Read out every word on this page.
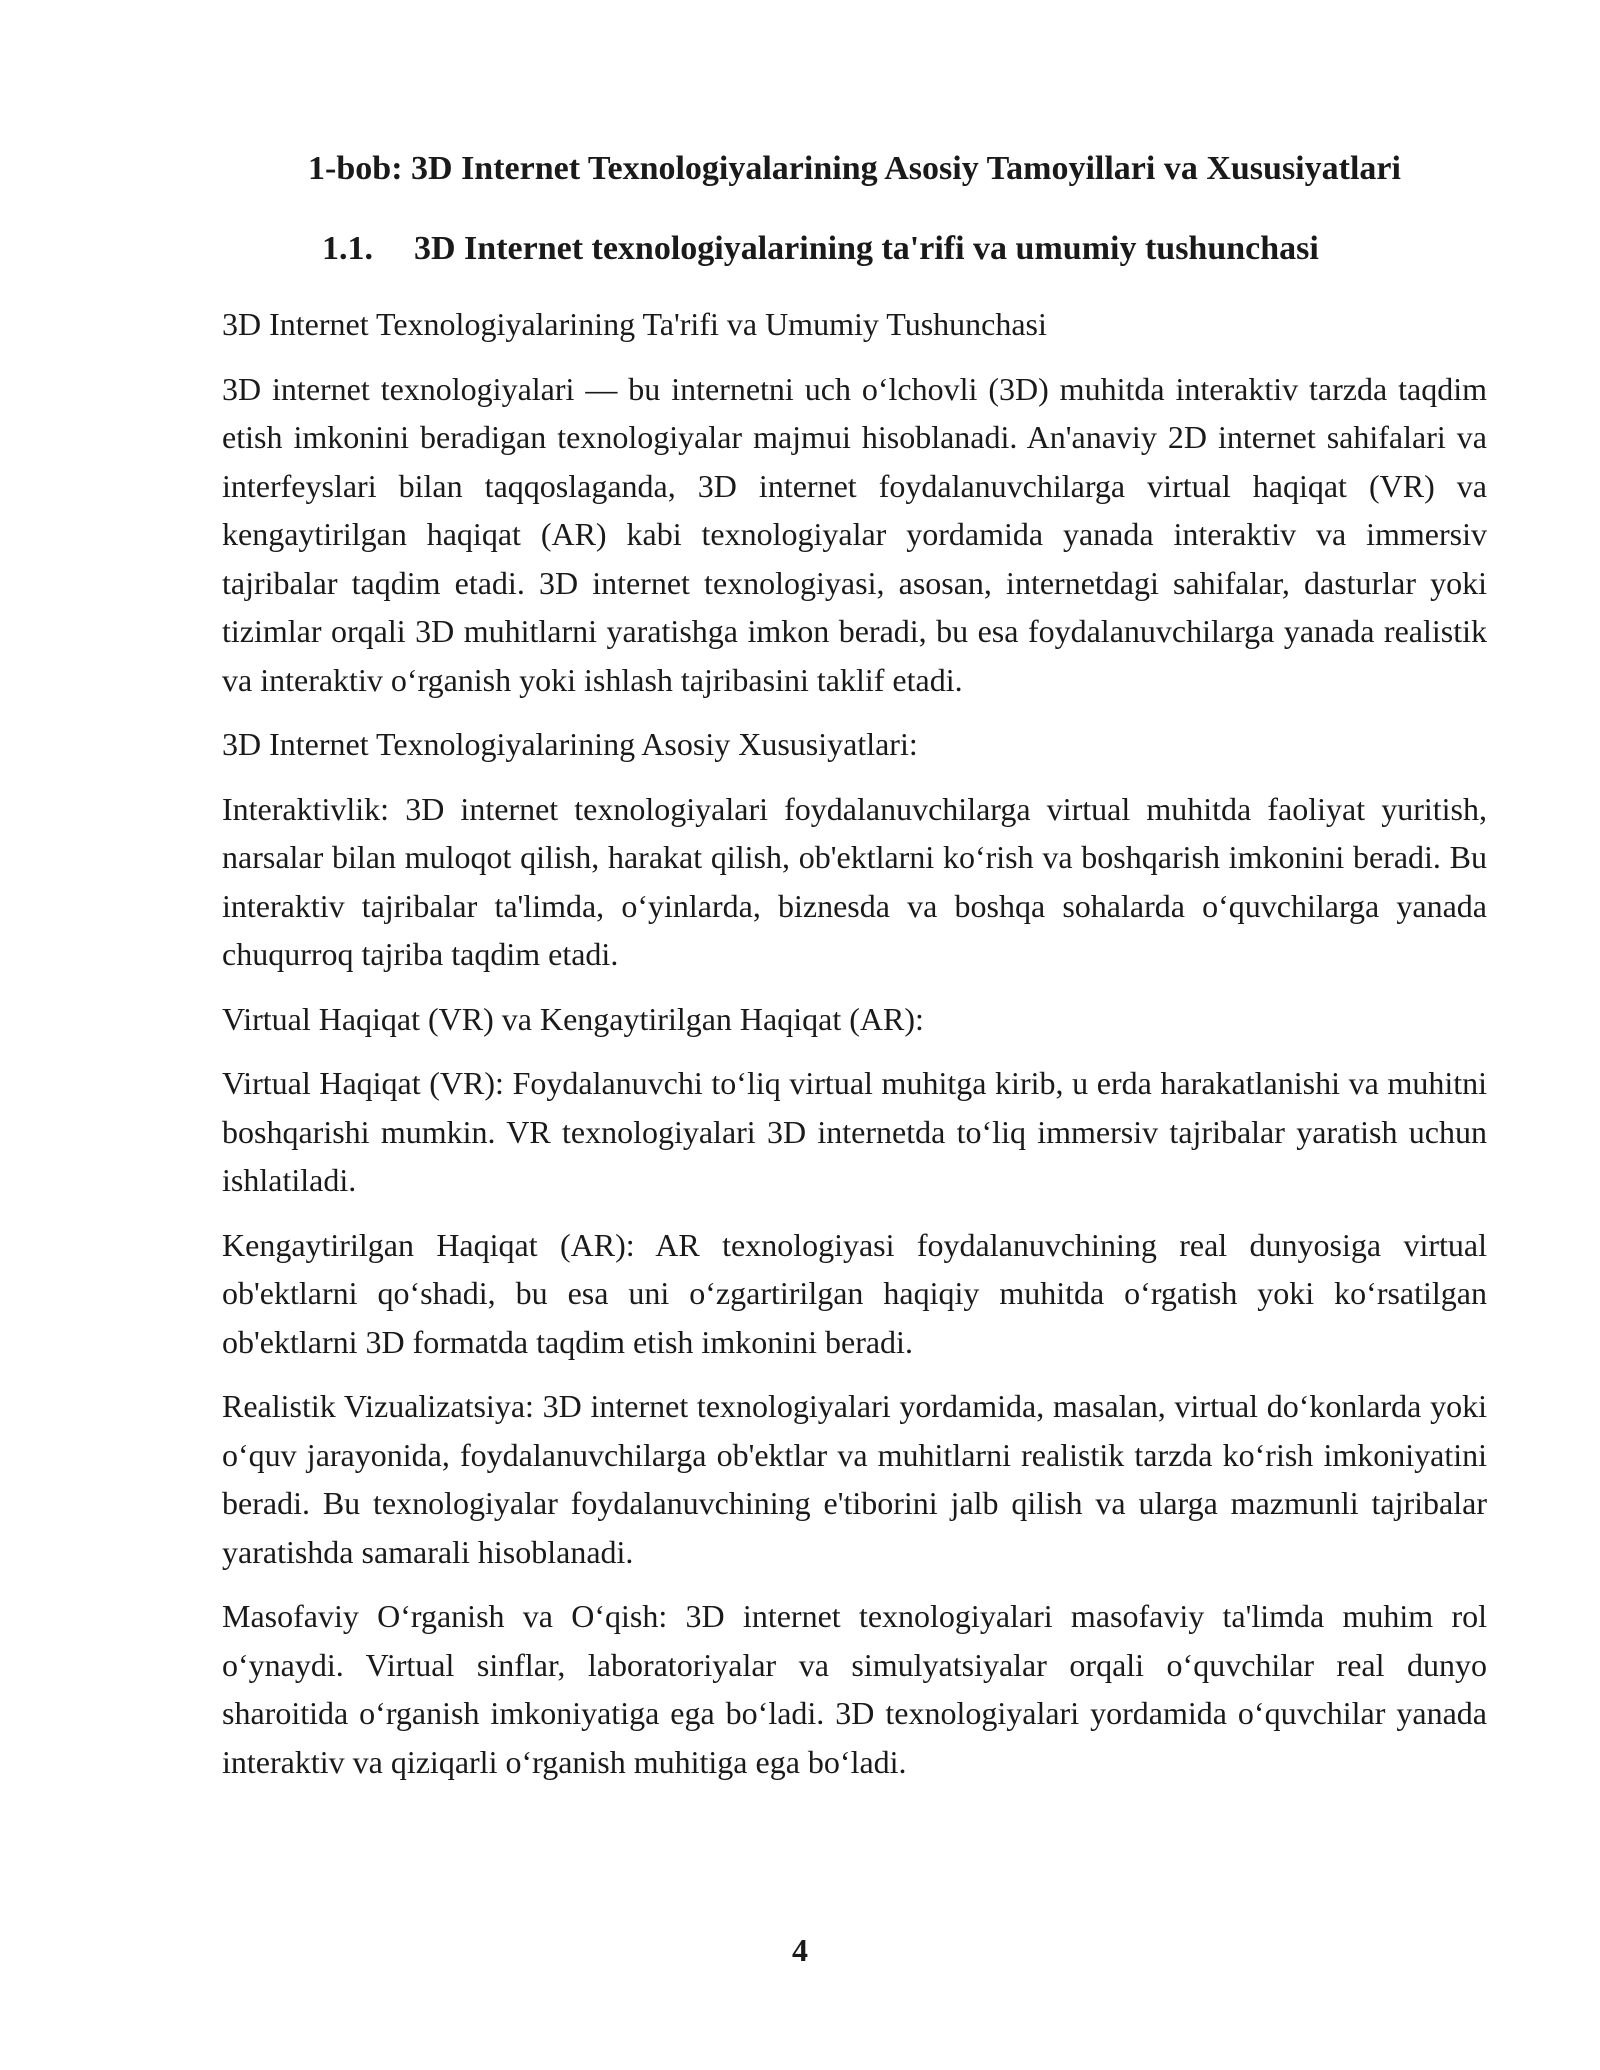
1-bob: 3D Internet Texnologiyalarining Asosiy Tamoyillari va Xususiyatlari
1.1. 3D Internet texnologiyalarining ta'rifi va umumiy tushunchasi

3D Internet Texnologiyalarining Ta'rifi va Umumiy Tushunchasi

3D internet texnologiyalari — bu internetni uch o‘lchovli (3D) muhitda interaktiv tarzda taqdim etish imkonini beradigan texnologiyalar majmui hisoblanadi. An'anaviy 2D internet sahifalari va interfeyslari bilan taqqoslaganda, 3D internet foydalanuvchilarga virtual haqiqat (VR) va kengaytirilgan haqiqat (AR) kabi texnologiyalar yordamida yanada interaktiv va immersiv tajribalar taqdim etadi. 3D internet texnologiyasi, asosan, internetdagi sahifalar, dasturlar yoki tizimlar orqali 3D muhitlarni yaratishga imkon beradi, bu esa foydalanuvchilarga yanada realistik va interaktiv o‘rganish yoki ishlash tajribasini taklif etadi.

3D Internet Texnologiyalarining Asosiy Xususiyatlari:

Interaktivlik: 3D internet texnologiyalari foydalanuvchilarga virtual muhitda faoliyat yuritish, narsalar bilan muloqot qilish, harakat qilish, ob'ektlarni ko‘rish va boshqarish imkonini beradi. Bu interaktiv tajribalar ta'limda, o‘yinlarda, biznesda va boshqa sohalarda o‘quvchilarga yanada chuqurroq tajriba taqdim etadi.

Virtual Haqiqat (VR) va Kengaytirilgan Haqiqat (AR):

Virtual Haqiqat (VR): Foydalanuvchi to‘liq virtual muhitga kirib, u erda harakatlanishi va muhitni boshqarishi mumkin. VR texnologiyalari 3D internetda to‘liq immersiv tajribalar yaratish uchun ishlatiladi.

Kengaytirilgan Haqiqat (AR): AR texnologiyasi foydalanuvchining real dunyosiga virtual ob'ektlarni qo‘shadi, bu esa uni o‘zgartirilgan haqiqiy muhitda o‘rgatish yoki ko‘rsatilgan ob'ektlarni 3D formatda taqdim etish imkonini beradi.

Realistik Vizualizatsiya: 3D internet texnologiyalari yordamida, masalan, virtual do‘konlarda yoki o‘quv jarayonida, foydalanuvchilarga ob'ektlar va muhitlarni realistik tarzda ko‘rish imkoniyatini beradi. Bu texnologiyalar foydalanuvchining e'tiborini jalb qilish va ularga mazmunli tajribalar yaratishda samarali hisoblanadi.

Masofaviy O‘rganish va O‘qish: 3D internet texnologiyalari masofaviy ta'limda muhim rol o‘ynaydi. Virtual sinflar, laboratoriyalar va simulyatsiyalar orqali o‘quvchilar real dunyo sharoitida o‘rganish imkoniyatiga ega bo‘ladi. 3D texnologiyalari yordamida o‘quvchilar yanada interaktiv va qiziqarli o‘rganish muhitiga ega bo‘ladi.

4
